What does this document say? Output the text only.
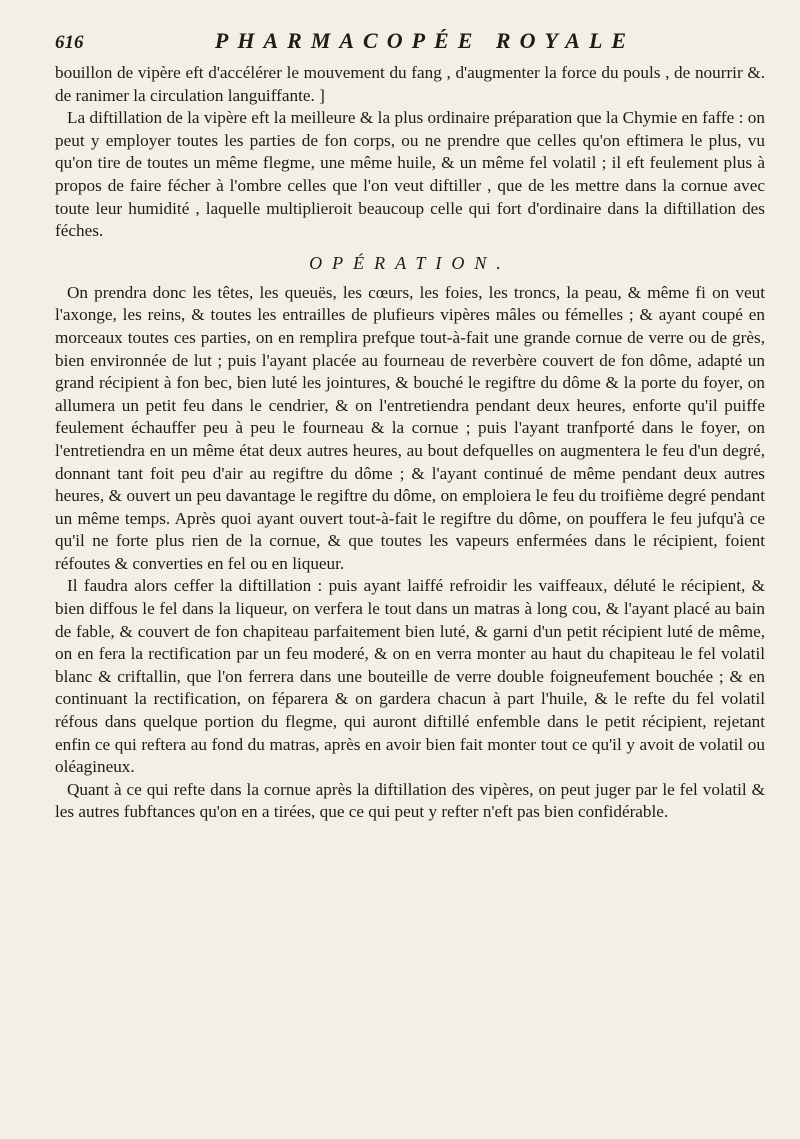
616	PHARMACOPÉE ROYALE

bouillon de vipère eft d'accélérer le mouvement du fang , d'augmenter la force du pouls , de nourrir &. de ranimer la circulation languiffante. ]

La diftillation de la vipère eft la meilleure & la plus ordinaire préparation que la Chymie en faffe : on peut y employer toutes les parties de fon corps, ou ne prendre que celles qu'on eftimera le plus, vu qu'on tire de toutes un même flegme, une même huile, & un même fel volatil ; il eft feulement plus à propos de faire fécher à l'ombre celles que l'on veut diftiller , que de les mettre dans la cornue avec toute leur humidité , laquelle multiplieroit beaucoup celle qui fort d'ordinaire dans la diftillation des féches.

OPÉRATION.

On prendra donc les têtes, les queuës, les cœurs, les foies, les troncs, la peau, & même fi on veut l'axonge, les reins, & toutes les entrailles de plufieurs vipères mâles ou fémelles ; & ayant coupé en morceaux toutes ces parties, on en remplira prefque tout-à-fait une grande cornue de verre ou de grès, bien environnée de lut ; puis l'ayant placée au fourneau de reverbère couvert de fon dôme, adapté un grand récipient à fon bec, bien luté les jointures, & bouché le regiftre du dôme & la porte du foyer, on allumera un petit feu dans le cendrier, & on l'entretiendra pendant deux heures, enforte qu'il puiffe feulement échauffer peu à peu le fourneau & la cornue ; puis l'ayant tranfporté dans le foyer, on l'entretiendra en un même état deux autres heures, au bout defquelles on augmentera le feu d'un degré, donnant tant foit peu d'air au regiftre du dôme ; & l'ayant continué de même pendant deux autres heures, & ouvert un peu davantage le regiftre du dôme, on emploiera le feu du troifième degré pendant un même temps. Après quoi ayant ouvert tout-à-fait le regiftre du dôme, on pouffera le feu jufqu'à ce qu'il ne forte plus rien de la cornue, & que toutes les vapeurs enfermées dans le récipient, foient réfoutes & converties en fel ou en liqueur.

Il faudra alors ceffer la diftillation : puis ayant laiffé refroidir les vaiffeaux, déluté le récipient, & bien diffous le fel dans la liqueur, on verfera le tout dans un matras à long cou, & l'ayant placé au bain de fable, & couvert de fon chapiteau parfaitement bien luté, & garni d'un petit récipient luté de même, on en fera la rectification par un feu moderé, & on en verra monter au haut du chapiteau le fel volatil blanc & criftallin, que l'on ferrera dans une bouteille de verre double foigneufement bouchée ; & en continuant la rectification, on féparera & on gardera chacun à part l'huile, & le refte du fel volatil réfous dans quelque portion du flegme, qui auront diftillé enfemble dans le petit récipient, rejetant enfin ce qui reftera au fond du matras, après en avoir bien fait monter tout ce qu'il y avoit de volatil ou oléagineux.

Quant à ce qui refte dans la cornue après la diftillation des vipères, on peut juger par le fel volatil & les autres fubftances qu'on en a tirées, que ce qui peut y refter n'eft pas bien confidérable.
